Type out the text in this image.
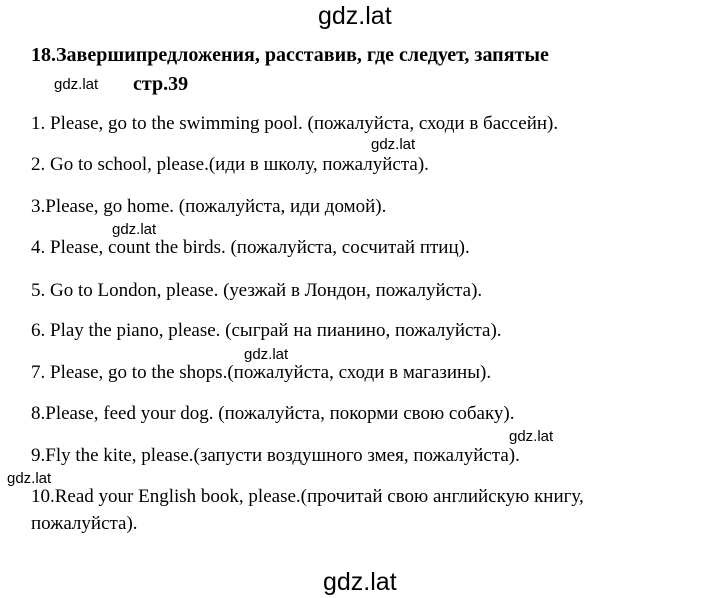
gdz.lat
gdz.lat
gdz.lat
gdz.lat
gdz.lat
gdz.lat
gdz.lat
gdz.lat
18.Завершипредложения, расставив, где следует, запятые
стр.39
1. Please, go to the swimming pool. (пожалуйста, сходи в бассейн).
2. Go to school, please.(иди в школу, пожалуйста).
3.Please, go home. (пожалуйста, иди домой).
4. Please, count the birds. (пожалуйста, сосчитай птиц).
5. Go to London, please. (уезжай в Лондон, пожалуйста).
6. Play the piano, please. (сыграй на пианино, пожалуйста).
7. Please, go to the shops.(пожалуйста, сходи в магазины).
8.Please, feed your dog. (пожалуйста, покорми свою собаку).
9.Fly the kite, please.(запусти воздушного змея, пожалуйста).
10.Read your English book, please.(прочитай свою английскую книгу,
пожалуйста).
